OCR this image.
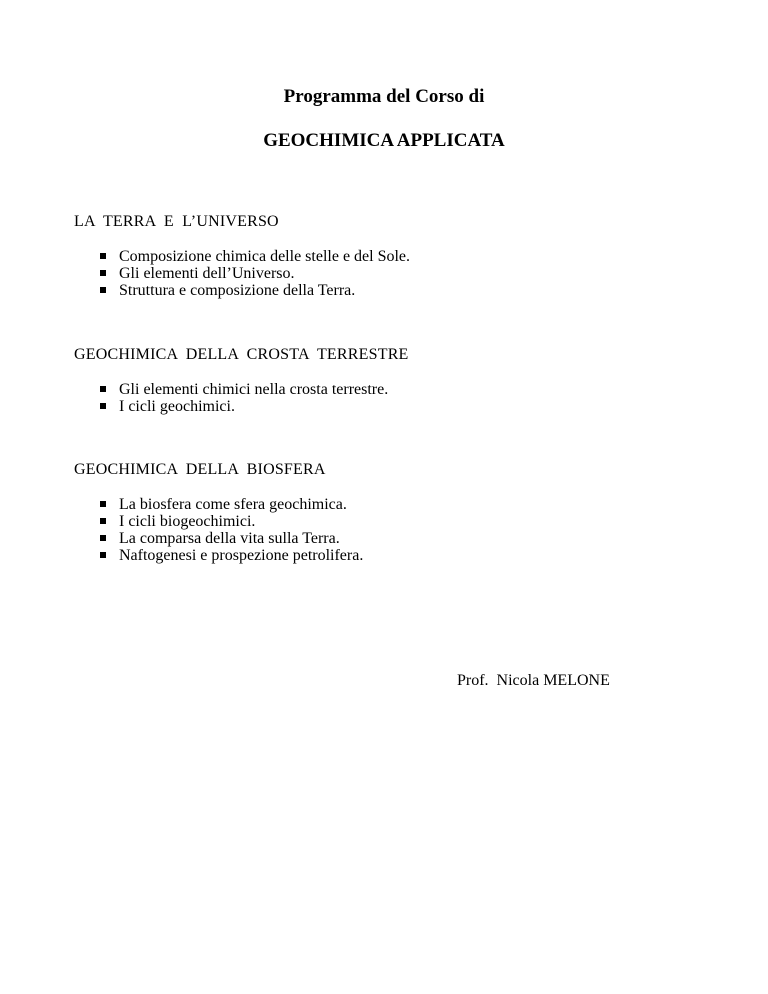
Programma del Corso di
GEOCHIMICA APPLICATA
LA  TERRA  E  L’UNIVERSO
Composizione chimica delle stelle e del Sole.
Gli elementi dell’Universo.
Struttura e composizione della Terra.
GEOCHIMICA  DELLA  CROSTA  TERRESTRE
Gli elementi chimici nella crosta terrestre.
I cicli geochimici.
GEOCHIMICA  DELLA  BIOSFERA
La biosfera come sfera geochimica.
I cicli biogeochimici.
La comparsa della vita sulla Terra.
Naftogenesi e prospezione petrolifera.

Prof.  Nicola MELONE
